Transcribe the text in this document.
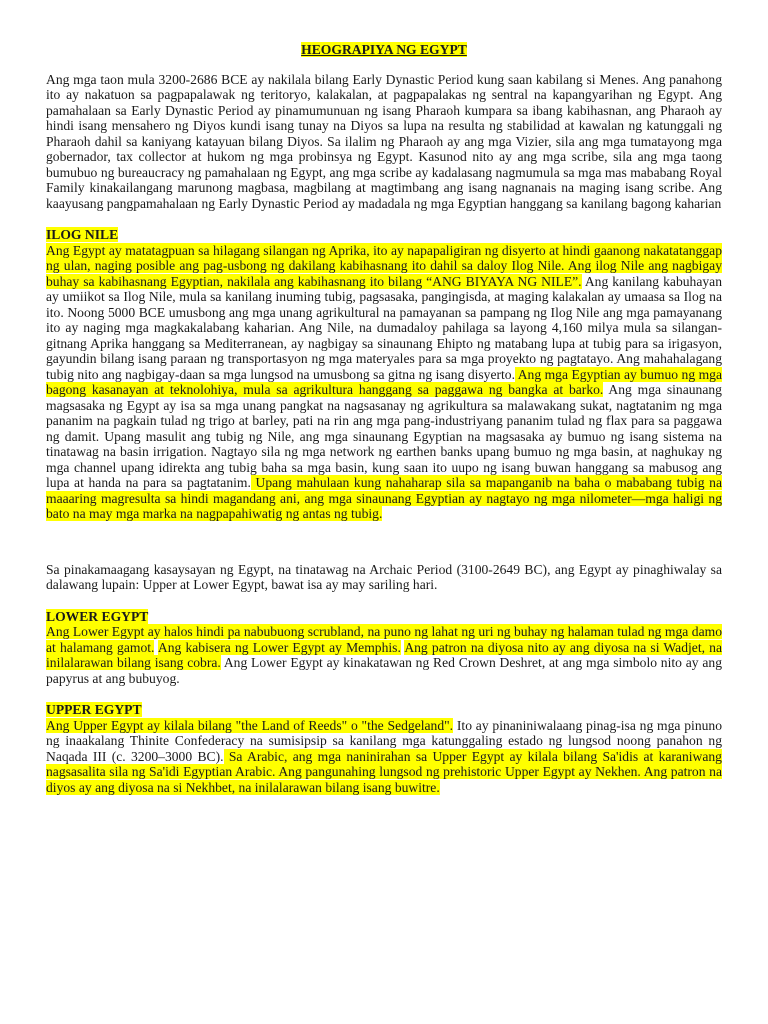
HEOGRAPIYA NG EGYPT

Ang mga taon mula 3200-2686 BCE ay nakilala bilang Early Dynastic Period kung saan kabilang si Menes. Ang panahong ito ay nakatuon sa pagpapalawak ng teritoryo, kalakalan, at pagpapalakas ng sentral na kapangyarihan ng Egypt. Ang pamahalaan sa Early Dynastic Period ay pinamumunuan ng isang Pharaoh kumpara sa ibang kabihasnan, ang Pharaoh ay hindi isang mensahero ng Diyos kundi isang tunay na Diyos sa lupa na resulta ng stabilidad at kawalan ng katunggali ng Pharaoh dahil sa kaniyang katayuan bilang Diyos. Sa ilalim ng Pharaoh ay ang mga Vizier, sila ang mga tumatayong mga gobernador, tax collector at hukom ng mga probinsya ng Egypt. Kasunod nito ay ang mga scribe, sila ang mga taong bumubuo ng bureaucracy ng pamahalaan ng Egypt, ang mga scribe ay kadalasang nagmumula sa mga mas mababang Royal Family kinakailangang marunong magbasa, magbilang at magtimbang ang isang nagnanais na maging isang scribe. Ang kaayusang pangpamahalaan ng Early Dynastic Period ay madadala ng mga Egyptian hanggang sa kanilang bagong kaharian

ILOG NILE

Ang Egypt ay matatagpuan sa hilagang silangan ng Aprika, ito ay napapaligiran ng disyerto at hindi gaanong nakatatanggap ng ulan, naging posible ang pag-usbong ng dakilang kabihasnang ito dahil sa daloy Ilog Nile. Ang ilog Nile ang nagbigay buhay sa kabihasnang Egyptian, nakilala ang kabihasnang ito bilang “ANG BIYAYA NG NILE”. Ang kanilang kabuhayan ay umiikot sa Ilog Nile, mula sa kanilang inuming tubig, pagsasaka, pangingisda, at maging kalakalan ay umaasa sa Ilog na ito. Noong 5000 BCE umusbong ang mga unang agrikultural na pamayanan sa pampang ng Ilog Nile ang mga pamayanang ito ay naging mga magkakalabang kaharian. Ang Nile, na dumadaloy pahilaga sa layong 4,160 milya mula sa silangan-gitnang Aprika hanggang sa Mediterranean, ay nagbigay sa sinaunang Ehipto ng matabang lupa at tubig para sa irigasyon, gayundin bilang isang paraan ng transportasyon ng mga materyales para sa mga proyekto ng pagtatayo. Ang mahahalagang tubig nito ang nagbigay-daan sa mga lungsod na umusbong sa gitna ng isang disyerto. Ang mga Egyptian ay bumuo ng mga bagong kasanayan at teknolohiya, mula sa agrikultura hanggang sa paggawa ng bangka at barko. Ang mga sinaunang magsasaka ng Egypt ay isa sa mga unang pangkat na nagsasanay ng agrikultura sa malawakang sukat, nagtatanim ng mga pananim na pagkain tulad ng trigo at barley, pati na rin ang mga pang-industriyang pananim tulad ng flax para sa paggawa ng damit. Upang masulit ang tubig ng Nile, ang mga sinaunang Egyptian na magsasaka ay bumuo ng isang sistema na tinatawag na basin irrigation. Nagtayo sila ng mga network ng earthen banks upang bumuo ng mga basin, at naghukay ng mga channel upang idirekta ang tubig baha sa mga basin, kung saan ito uupo ng isang buwan hanggang sa mabusog ang lupa at handa na para sa pagtatanim. Upang mahulaan kung nahaharap sila sa mapanganib na baha o mababang tubig na maaaring magresulta sa hindi magandang ani, ang mga sinaunang Egyptian ay nagtayo ng mga nilometer—mga haligi ng bato na may mga marka na nagpapahiwatig ng antas ng tubig.

Sa pinakamaagang kasaysayan ng Egypt, na tinatawag na Archaic Period (3100-2649 BC), ang Egypt ay pinaghiwalay sa dalawang lupain: Upper at Lower Egypt, bawat isa ay may sariling hari.

LOWER EGYPT

Ang Lower Egypt ay halos hindi pa nabubuong scrubland, na puno ng lahat ng uri ng buhay ng halaman tulad ng mga damo at halamang gamot. Ang kabisera ng Lower Egypt ay Memphis. Ang patron na diyosa nito ay ang diyosa na si Wadjet, na inilalarawan bilang isang cobra. Ang Lower Egypt ay kinakatawan ng Red Crown Deshret, at ang mga simbolo nito ay ang papyrus at ang bubuyog.

UPPER EGYPT

Ang Upper Egypt ay kilala bilang "the Land of Reeds" o "the Sedgeland". Ito ay pinaniniwalaang pinag-isa ng mga pinuno ng inaakalang Thinite Confederacy na sumisipsip sa kanilang mga katunggaling estado ng lungsod noong panahon ng Naqada III (c. 3200–3000 BC). Sa Arabic, ang mga naninirahan sa Upper Egypt ay kilala bilang Sa'idis at karaniwang nagsasalita sila ng Sa'idi Egyptian Arabic. Ang pangunahing lungsod ng prehistoric Upper Egypt ay Nekhen. Ang patron na diyos ay ang diyosa na si Nekhbet, na inilalarawan bilang isang buwitre.
